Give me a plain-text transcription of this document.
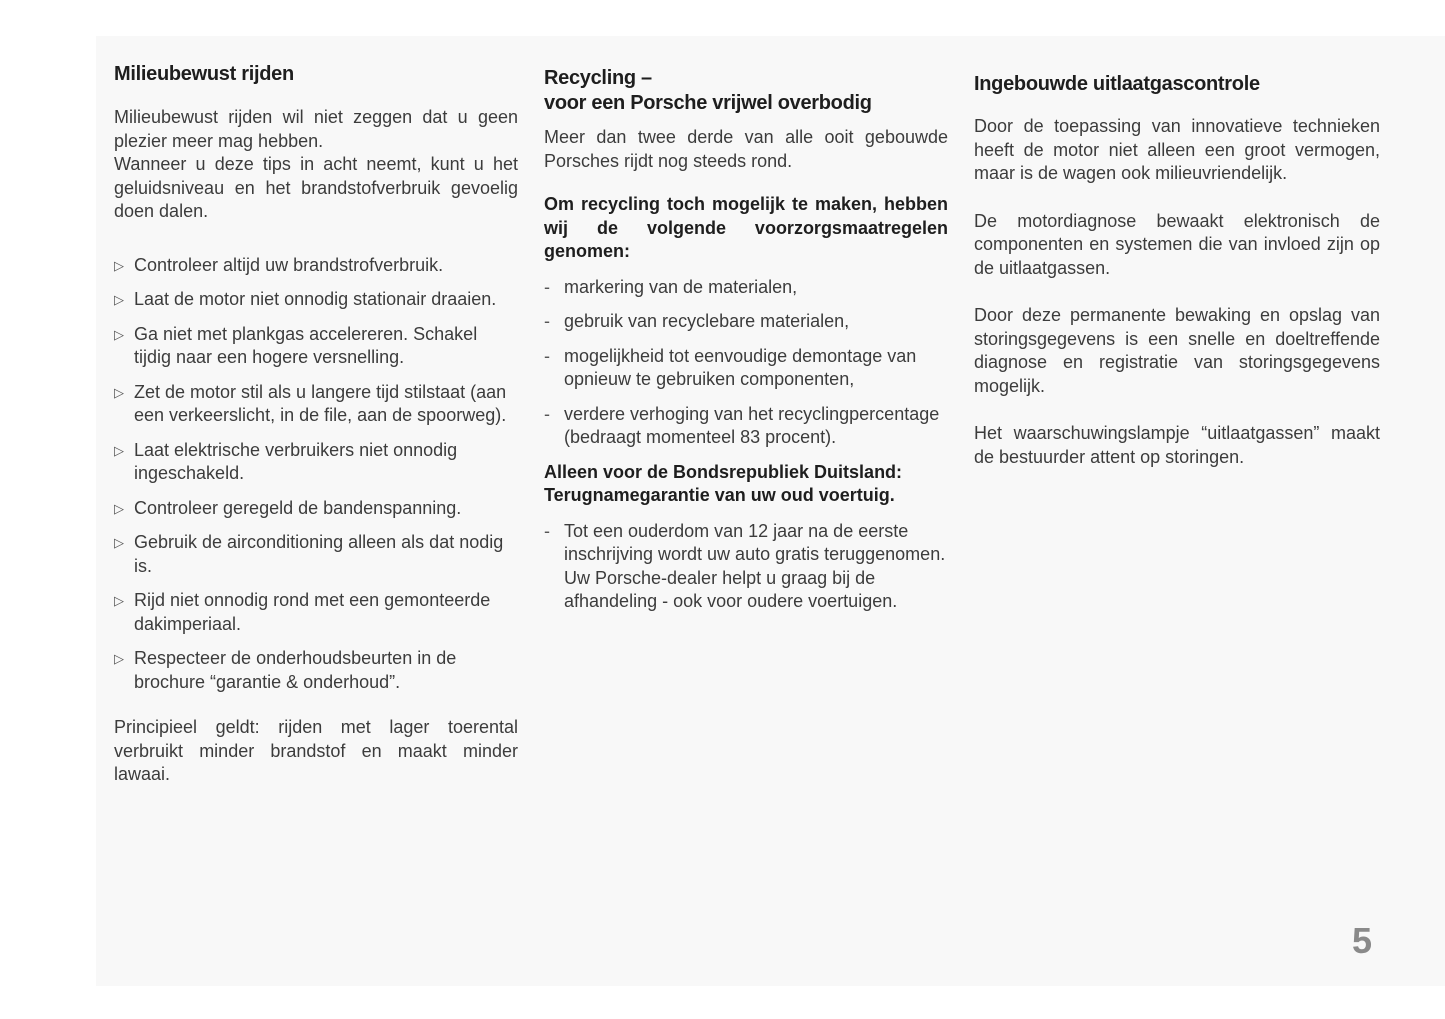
Milieubewust rijden

Milieubewust rijden wil niet zeggen dat u geen plezier meer mag hebben.

Wanneer u deze tips in acht neemt, kunt u het geluidsniveau en het brandstofverbruik gevoelig doen dalen.

▷ Controleer altijd uw brandstrofverbruik.
▷ Laat de motor niet onnodig stationair draaien.
▷ Ga niet met plankgas accelereren. Schakel tijdig naar een hogere versnelling.
▷ Zet de motor stil als u langere tijd stilstaat (aan een verkeerslicht, in de file, aan de spoorweg).
▷ Laat elektrische verbruikers niet onnodig ingeschakeld.
▷ Controleer geregeld de bandenspanning.
▷ Gebruik de airconditioning alleen als dat nodig is.
▷ Rijd niet onnodig rond met een gemonteerde dakimperiaal.
▷ Respecteer de onderhoudsbeurten in de brochure “garantie & onderhoud”.

Principieel geldt: rijden met lager toerental verbruikt minder brandstof en maakt minder lawaai.

Recycling –
voor een Porsche vrijwel overbodig

Meer dan twee derde van alle ooit gebouwde Porsches rijdt nog steeds rond.

Om recycling toch mogelijk te maken, hebben wij de volgende voorzorgsmaatregelen genomen:

- markering van de materialen,
- gebruik van recyclebare materialen,
- mogelijkheid tot eenvoudige demontage van opnieuw te gebruiken componenten,
- verdere verhoging van het recyclingpercentage (bedraagt momenteel 83 procent).

Alleen voor de Bondsrepubliek Duitsland: Terugnamegarantie van uw oud voertuig.

- Tot een ouderdom van 12 jaar na de eerste inschrijving wordt uw auto gratis teruggenomen.
Uw Porsche-dealer helpt u graag bij de afhandeling - ook voor oudere voertuigen.
Ingebouwde uitlaatgascontrole

Door de toepassing van innovatieve technieken heeft de motor niet alleen een groot vermogen, maar is de wagen ook milieuvriendelijk.

De motordiagnose bewaakt elektronisch de componenten en systemen die van invloed zijn op de uitlaatgassen.

Door deze permanente bewaking en opslag van storingsgegevens is een snelle en doeltreffende diagnose en registratie van storingsgegevens mogelijk.

Het waarschuwingslampje “uitlaatgassen” maakt de bestuurder attent op storingen.

5
